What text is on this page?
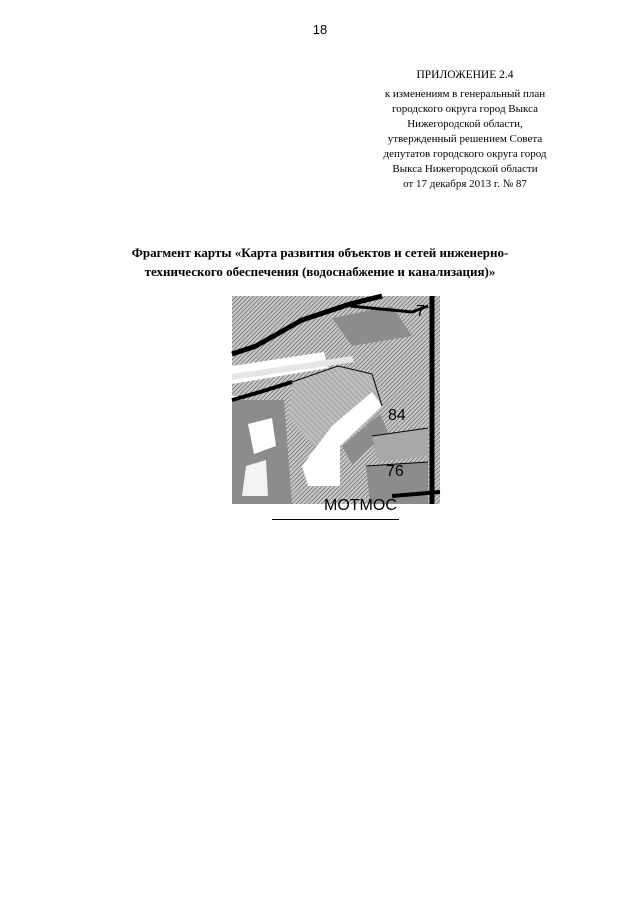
18
ПРИЛОЖЕНИЕ 2.4
к изменениям в генеральный план
городского округа город Выкса
Нижегородской области,
утвержденный решением Совета
депутатов городского округа город
Выкса Нижегородской области
от 17 декабря 2013 г. № 87
Фрагмент карты «Карта развития объектов и сетей инженерно-
технического обеспечения (водоснабжение и канализация)»
7
84
76
МОТМОС
